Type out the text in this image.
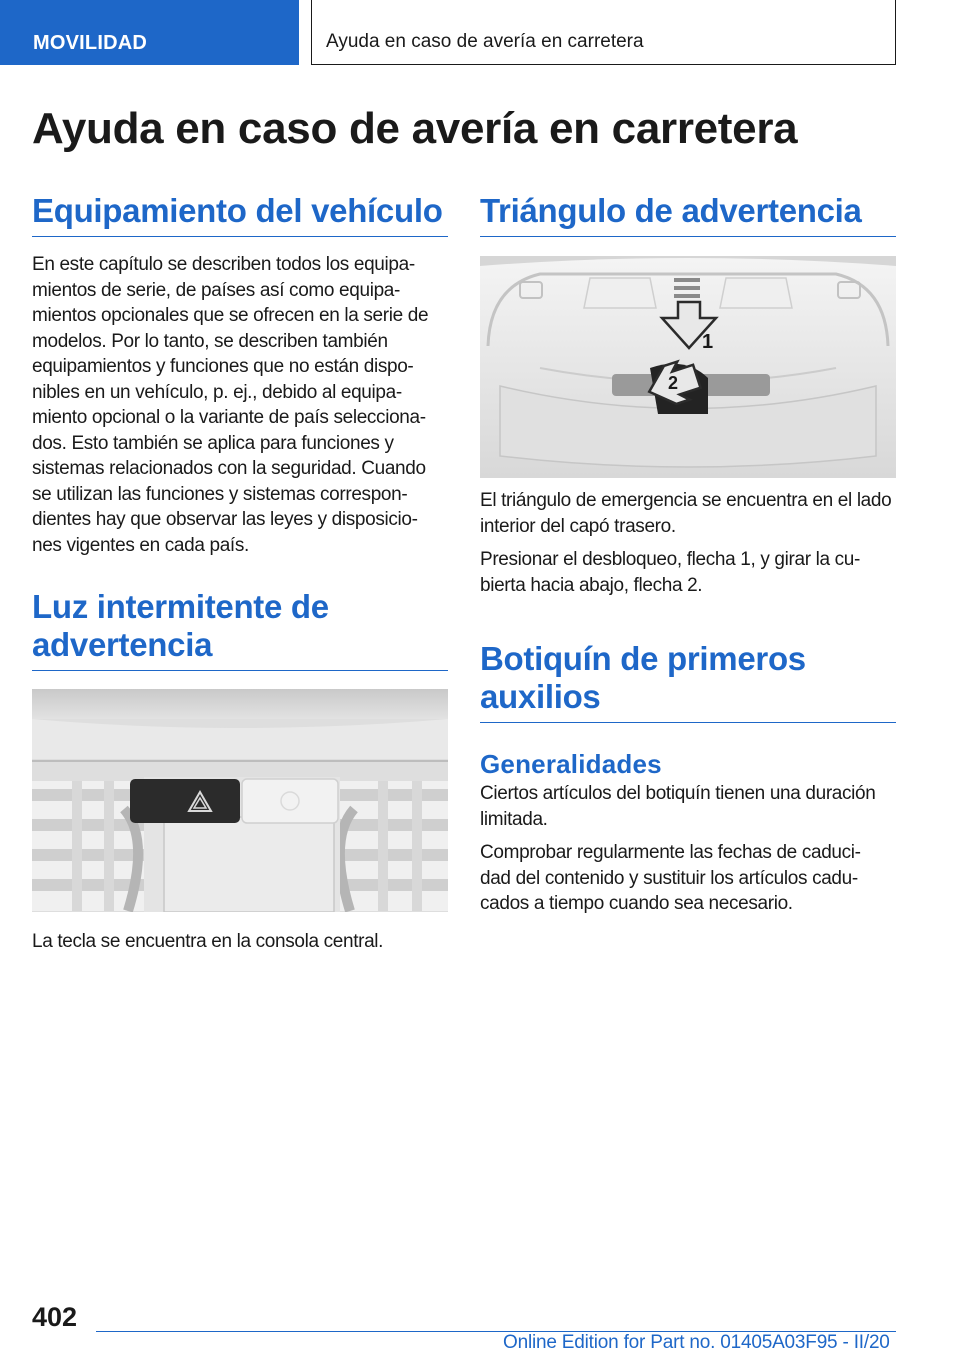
MOVILIDAD	Ayuda en caso de avería en carretera
Ayuda en caso de avería en carretera
Equipamiento del vehículo

En este capítulo se describen todos los equipa- mientos de serie, de países así como equipa- mientos opcionales que se ofrecen en la serie de modelos. Por lo tanto, se describen también equipamientos y funciones que no están dispo- nibles en un vehículo, p. ej., debido al equipa- miento opcional o la variante de país selecciona- dos. Esto también se aplica para funciones y sistemas relacionados con la seguridad. Cuando se utilizan las funciones y sistemas correspon- dientes hay que observar las leyes y disposicio- nes vigentes en cada país.

Luz intermitente de
advertencia

La tecla se encuentra en la consola central.

Triángulo de advertencia
1
2

El triángulo de emergencia se encuentra en el lado interior del capó trasero.

Presionar el desbloqueo, flecha 1, y girar la cu- bierta hacia abajo, flecha 2.

Botiquín de primeros
auxilios
Generalidades

Ciertos artículos del botiquín tienen una duración limitada.

Comprobar regularmente las fechas de caduci- dad del contenido y sustituir los artículos cadu- cados a tiempo cuando sea necesario.

402
Online Edition for Part no. 01405A03F95 - II/20
